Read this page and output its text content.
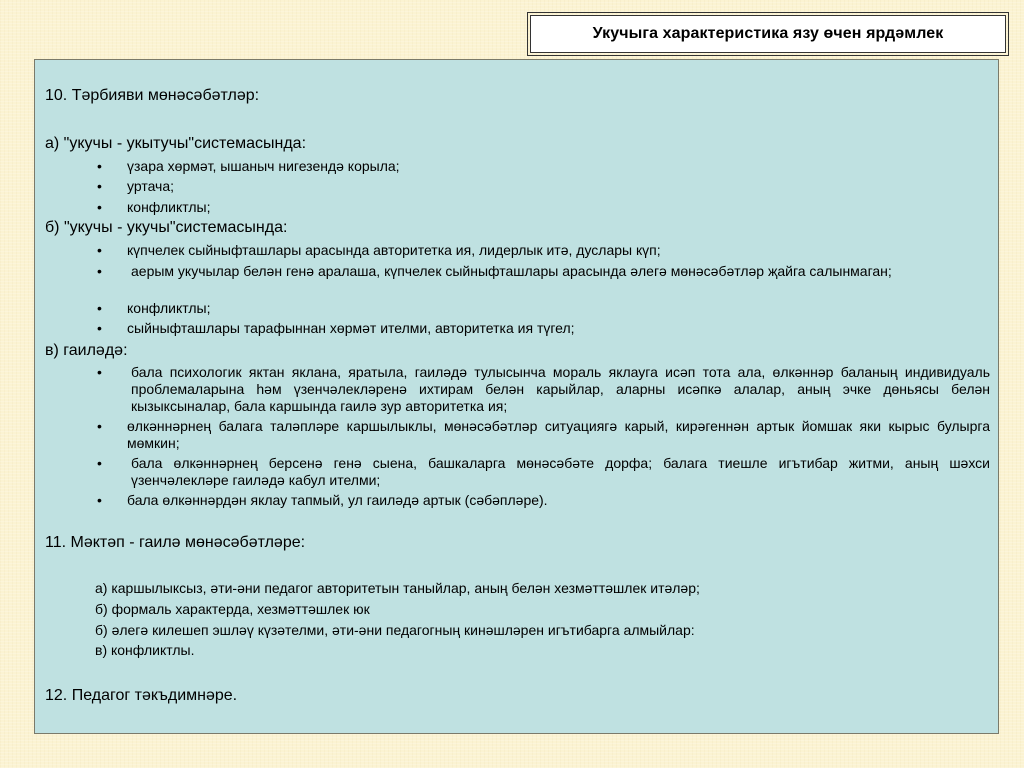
Укучыга характеристика язу өчен ярдәмлек
10. Тәрбияви мөнәсәбәтләр:
а) "укучы - укытучы"системасында:
•	үзара хөрмәт, ышаныч нигезендә корыла;
•	уртача;
•	конфликтлы;
б) "укучы - укучы"системасында:
•	күпчелек сыйныфташлары арасында авторитетка ия, лидерлык итә, дуслары күп;
•	аерым укучылар белән генә аралаша, күпчелек сыйныфташлары арасында әлегә мөнәсәбәтләр җайга салынмаган;
•	конфликтлы;
•	сыйныфташлары тарафыннан хөрмәт ителми, авторитетка ия түгел;
в) гаиләдә:
•	бала психологик яктан яклана, яратыла, гаиләдә тулысынча мораль яклауга исәп тота ала, өлкәннәр баланың индивидуаль проблемаларына һәм үзенчәлекләренә ихтирам белән карыйлар, аларны исәпкә алалар, аның эчке дөньясы белән кызыксыналар, бала каршында гаилә зур авторитетка ия;
•	өлкәннәрнең балага таләпләре каршылыклы, мөнәсәбәтләр ситуациягә карый, кирәгеннән артык йомшак яки кырыс булырга мөмкин;
•	бала өлкәннәрнең берсенә генә сыена, башкаларга мөнәсәбәте дорфа; балага тиешле игътибар житми, аның шәхси үзенчәлекләре гаиләдә кабул ителми;
•	бала өлкәннәрдән яклау тапмый, ул гаиләдә артык (сәбәпләре).
11. Мәктәп - гаилә мөнәсәбәтләре:
а) каршылыксыз, әти-әни педагог авторитетын таныйлар, аның белән хезмәттәшлек итәләр;
б) формаль характерда, хезмәттәшлек юк
б) әлегә килешеп эшләү күзәтелми, әти-әни педагогның кинәшләрен игътибарга алмыйлар:
в) конфликтлы.
12. Педагог тәкъдимнәре.
